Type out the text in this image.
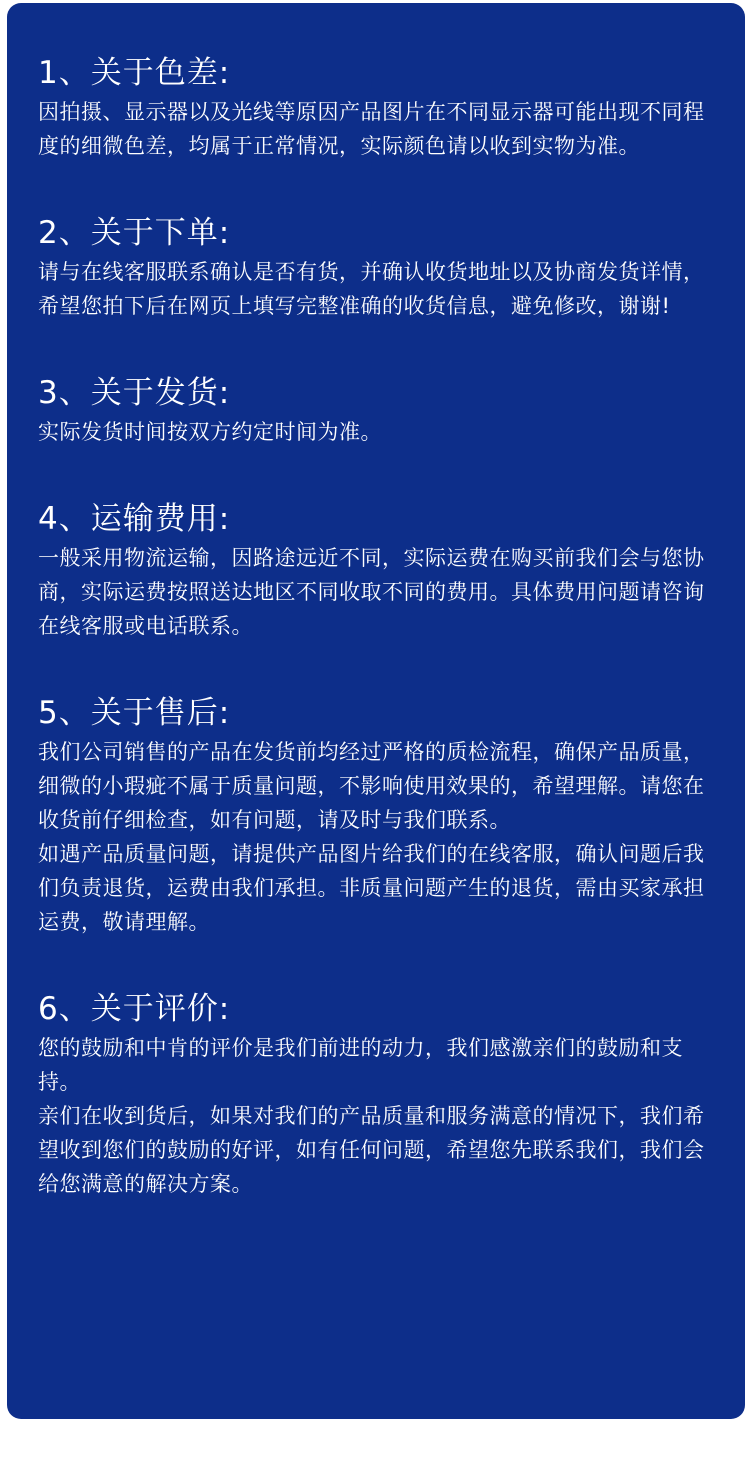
1、关于色差:

因拍摄、显示器以及光线等原因产品图片在不同显示器可能出现不同程度的细微色差，均属于正常情况，实际颜色请以收到实物为准。

2、关于下单:

请与在线客服联系确认是否有货，并确认收货地址以及协商发货详情，希望您拍下后在网页上填写完整准确的收货信息，避免修改，谢谢!

3、关于发货:

实际发货时间按双方约定时间为准。

4、运输费用:

一般采用物流运输，因路途远近不同，实际运费在购买前我们会与您协商，实际运费按照送达地区不同收取不同的费用。具体费用问题请咨询在线客服或电话联系。

5、关于售后:

我们公司销售的产品在发货前均经过严格的质检流程，确保产品质量，细微的小瑕疵不属于质量问题，不影响使用效果的，希望理解。请您在收货前仔细检查，如有问题，请及时与我们联系。

如遇产品质量问题，请提供产品图片给我们的在线客服，确认问题后我们负责退货，运费由我们承担。非质量问题产生的退货，需由买家承担运费，敬请理解。

6、关于评价:

您的鼓励和中肯的评价是我们前进的动力，我们感激亲们的鼓励和支持。

亲们在收到货后，如果对我们的产品质量和服务满意的情况下，我们希望收到您们的鼓励的好评，如有任何问题，希望您先联系我们，我们会给您满意的解决方案。
